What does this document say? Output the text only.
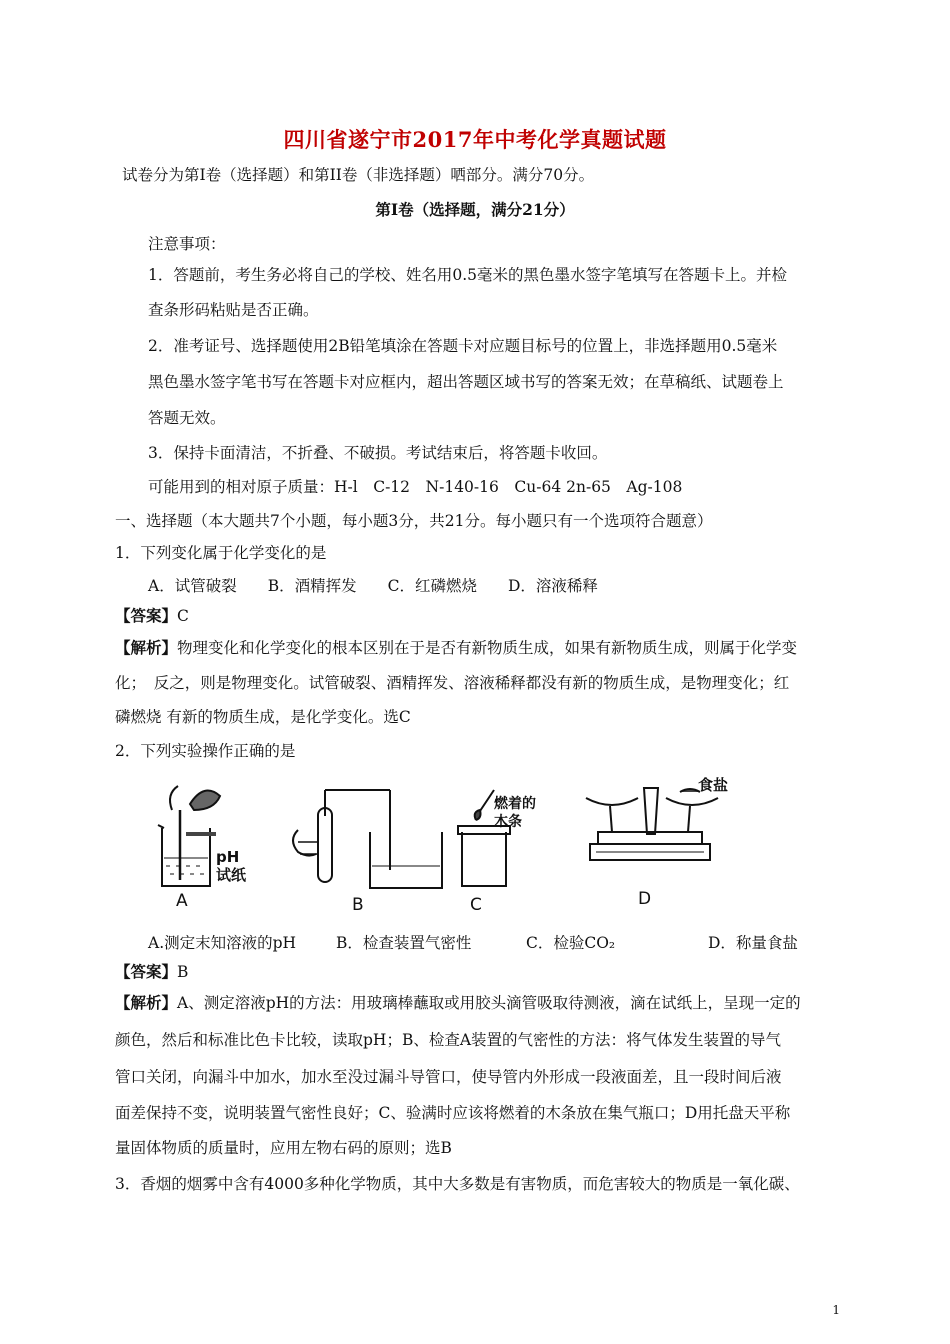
四川省遂宁市2017年中考化学真题试题
试卷分为第I卷（选择题）和第II卷（非选择题）哂部分。满分70分。
第I卷（选择题，满分21分）
注意事项：
1．答题前，考生务必将自己的学校、姓名用0.5毫米的黑色墨水签字笔填写在答题卡上。并检
查条形码粘贴是否正确。
2．准考证号、选择题使用2B铅笔填涂在答题卡对应题目标号的位置上，非选择题用0.5毫米
黑色墨水签字笔书写在答题卡对应框内，超出答题区域书写的答案无效；在草稿纸、试题卷上
答题无效。
3．保持卡面清洁，不折叠、不破损。考试结束后，将答题卡收回。
可能用到的相对原子质量：H-l　C-12　N-140-16　Cu-64 2n-65　Ag-108
一、选择题（本大题共7个小题，每小题3分，共21分。每小题只有一个选项符合题意）
1．下列变化属于化学变化的是
A．试管破裂　　B．酒精挥发　　C．红磷燃烧　　D．溶液稀释
【答案】C
【解析】物理变化和化学变化的根本区别在于是否有新物质生成，如果有新物质生成，则属于化学变
化；　反之，则是物理变化。试管破裂、酒精挥发、溶液稀释都没有新的物质生成，是物理变化；红
磷燃烧 有新的物质生成，是化学变化。选C
2．下列实验操作正确的是
A
pH
试纸
B	C
燃着的
木条
D
食盐
A.测定末知溶液的pH	B．检查装置气密性	C．检验CO₂	D．称量食盐
【答案】B
【解析】A、测定溶液pH的方法：用玻璃棒蘸取或用胶头滴管吸取待测液，滴在试纸上，呈现一定的
颜色，然后和标准比色卡比较，读取pH；B、检查A装置的气密性的方法：将气体发生装置的导气
管口关闭，向漏斗中加水，加水至没过漏斗导管口，使导管内外形成一段液面差，且一段时间后液
面差保持不变，说明装置气密性良好；C、验满时应该将燃着的木条放在集气瓶口；D用托盘天平称
量固体物质的质量时，应用左物右码的原则；选B
3．香烟的烟雾中含有4000多种化学物质，其中大多数是有害物质，而危害较大的物质是一氧化碳、
1
